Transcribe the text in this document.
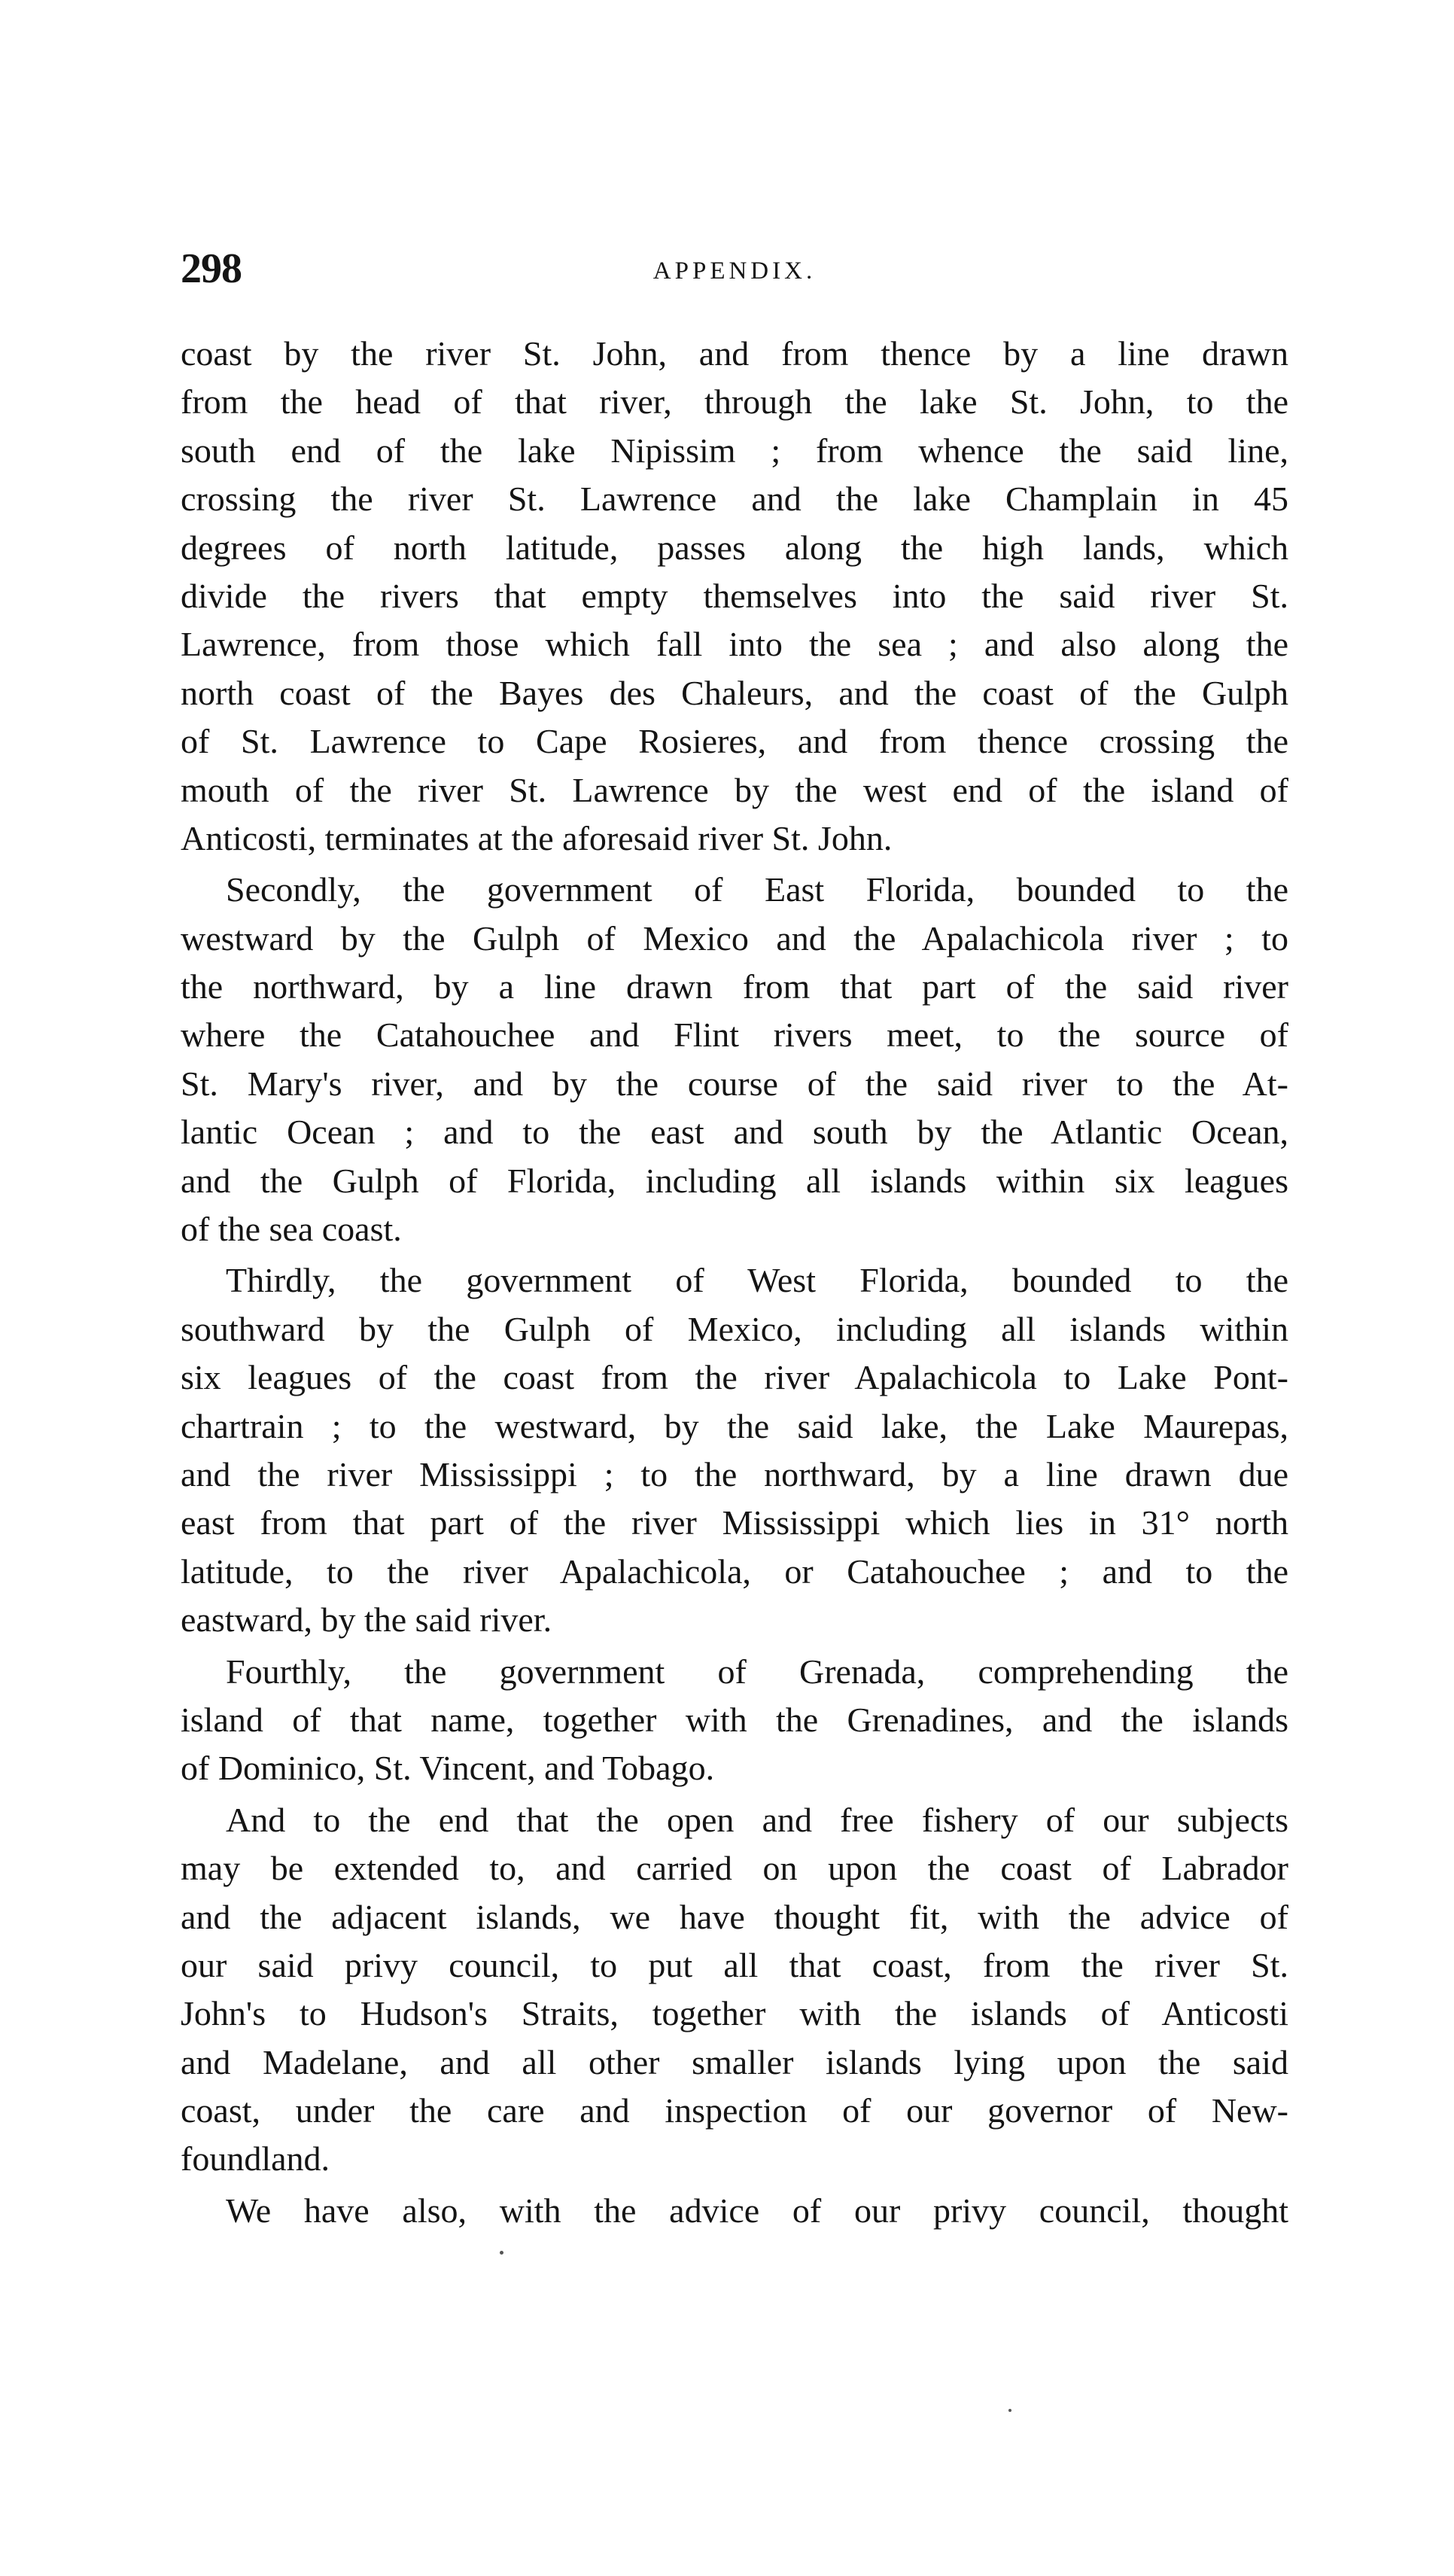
298	APPENDIX.
coast by the river St. John, and from thence by a line drawn
from the head of that river, through the lake St. John, to the
south end of the lake Nipissim ; from whence the said line,
crossing the river St. Lawrence and the lake Champlain in 45
degrees of north latitude, passes along the high lands, which
divide the rivers that empty themselves into the said river St.
Lawrence, from those which fall into the sea ; and also along the
north coast of the Bayes des Chaleurs, and the coast of the Gulph
of St. Lawrence to Cape Rosieres, and from thence crossing the
mouth of the river St. Lawrence by the west end of the island of
Anticosti, terminates at the aforesaid river St. John.
Secondly, the government of East Florida, bounded to the
westward by the Gulph of Mexico and the Apalachicola river ; to
the northward, by a line drawn from that part of the said river
where the Catahouchee and Flint rivers meet, to the source of
St. Mary's river, and by the course of the said river to the At-
lantic Ocean ; and to the east and south by the Atlantic Ocean,
and the Gulph of Florida, including all islands within six leagues
of the sea coast.
Thirdly, the government of West Florida, bounded to the
southward by the Gulph of Mexico, including all islands within
six leagues of the coast from the river Apalachicola to Lake Pont-
chartrain ; to the westward, by the said lake, the Lake Maurepas,
and the river Mississippi ; to the northward, by a line drawn due
east from that part of the river Mississippi which lies in 31° north
latitude, to the river Apalachicola, or Catahouchee ; and to the
eastward, by the said river.
Fourthly, the government of Grenada, comprehending the
island of that name, together with the Grenadines, and the islands
of Dominico, St. Vincent, and Tobago.
And to the end that the open and free fishery of our subjects
may be extended to, and carried on upon the coast of Labrador
and the adjacent islands, we have thought fit, with the advice of
our said privy council, to put all that coast, from the river St.
John's to Hudson's Straits, together with the islands of Anticosti
and Madelane, and all other smaller islands lying upon the said
coast, under the care and inspection of our governor of New-
foundland.
We have also, with the advice of our privy council, thought
